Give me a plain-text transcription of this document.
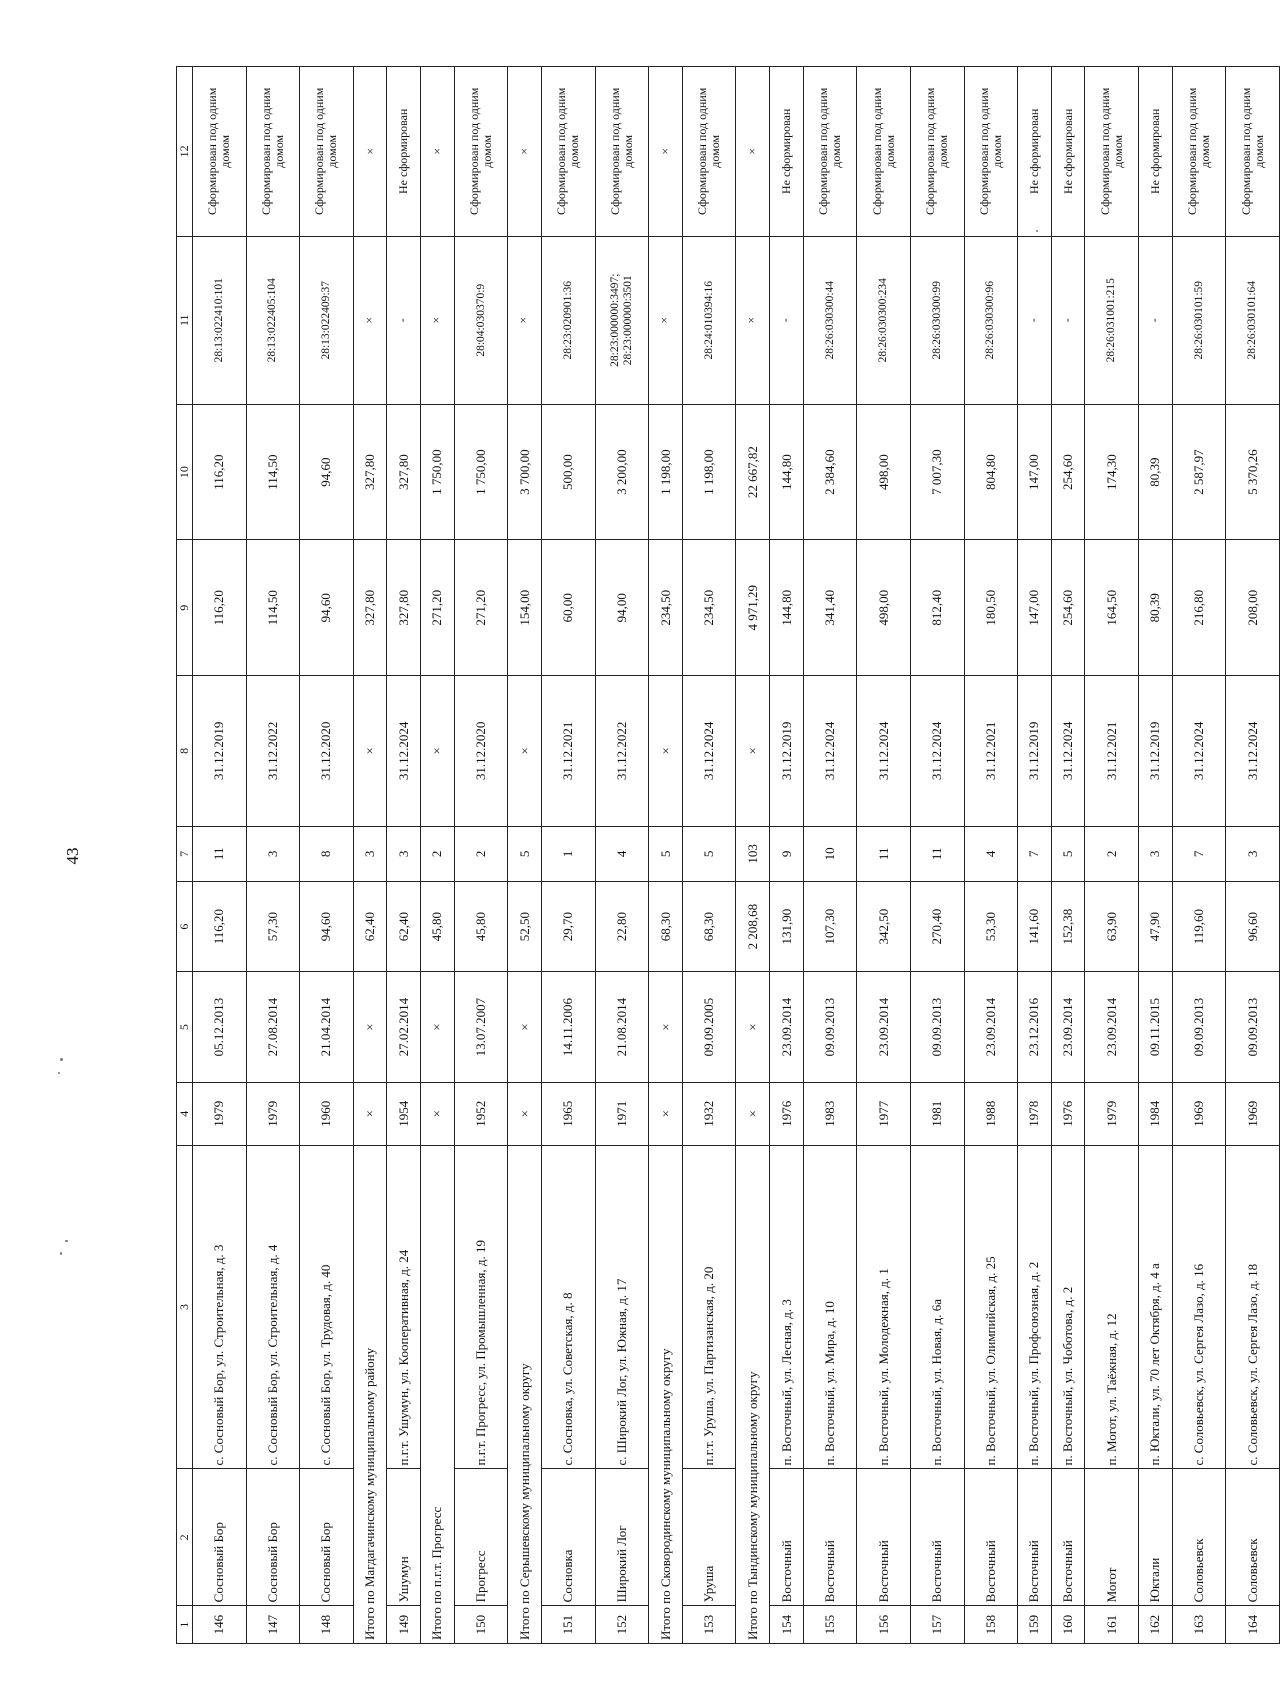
43
1	2	3	4	5	6	7	8	9	10	11	12
146	Сосновый Бор	с. Сосновый Бор, ул. Строительная, д. 3	1979	05.12.2013	116,20	11	31.12.2019	116,20	116,20	28:13:022410:101	Сформирован под одним домом
147	Сосновый Бор	с. Сосновый Бор, ул. Строительная, д. 4	1979	27.08.2014	57,30	3	31.12.2022	114,50	114,50	28:13:022405:104	Сформирован под одним домом
148	Сосновый Бор	с. Сосновый Бор, ул. Трудовая, д. 40	1960	21.04.2014	94,60	8	31.12.2020	94,60	94,60	28:13:022409:37	Сформирован под одним домом
Итого по Магдагачинскому муниципальному району			×	×	62,40	3	×	327,80	327,80	×	×
149	Ушумун	п.г.т. Ушумун, ул. Кооперативная, д. 24	1954	27.02.2014	62,40	3	31.12.2024	327,80	327,80	-	Не сформирован
Итого по п.г.т. Прогресс			×	×	45,80	2	×	271,20	1 750,00	×	×
150	Прогресс	п.г.т. Прогресс, ул. Промышленная, д. 19	1952	13.07.2007	45,80	2	31.12.2020	271,20	1 750,00	28:04:030370:9	Сформирован под одним домом
Итого по Серышевскому муниципальному округу			×	×	52,50	5	×	154,00	3 700,00	×	×
151	Сосновка	с. Сосновка, ул. Советская, д. 8	1965	14.11.2006	29,70	1	31.12.2021	60,00	500,00	28:23:020901:36	Сформирован под одним домом
152	Широкий Лог	с. Широкий Лог, ул. Южная, д. 17	1971	21.08.2014	22,80	4	31.12.2022	94,00	3 200,00	28:23:000000:3497; 28:23:000000:3501	Сформирован под одним домом
Итого по Сковородинскому муниципальному округу			×	×	68,30	5	×	234,50	1 198,00	×	×
153	Уруша	п.г.т. Уруша, ул. Партизанская, д. 20	1932	09.09.2005	68,30	5	31.12.2024	234,50	1 198,00	28:24:010394:16	Сформирован под одним домом
Итого по Тындинскому муниципальному округу			×	×	2 208,68	103	×	4 971,29	22 667,82	×	×
154	Восточный	п. Восточный, ул. Лесная, д. 3	1976	23.09.2014	131,90	9	31.12.2019	144,80	144,80	-	Не сформирован
155	Восточный	п. Восточный, ул. Мира, д. 10	1983	09.09.2013	107,30	10	31.12.2024	341,40	2 384,60	28:26:030300:44	Сформирован под одним домом
156	Восточный	п. Восточный, ул. Молодежная, д. 1	1977	23.09.2014	342,50	11	31.12.2024	498,00	498,00	28:26:030300:234	Сформирован под одним домом
157	Восточный	п. Восточный, ул. Новая, д. 6а	1981	09.09.2013	270,40	11	31.12.2024	812,40	7 007,30	28:26:030300:99	Сформирован под одним домом
158	Восточный	п. Восточный, ул. Олимпийская, д. 25	1988	23.09.2014	53,30	4	31.12.2021	180,50	804,80	28:26:030300:96	Сформирован под одним домом
159	Восточный	п. Восточный, ул. Профсоюзная, д. 2	1978	23.12.2016	141,60	7	31.12.2019	147,00	147,00	-	Не сформирован
160	Восточный	п. Восточный, ул. Чоботова, д. 2	1976	23.09.2014	152,38	5	31.12.2024	254,60	254,60	-	Не сформирован
161	Могот	п. Могот, ул. Таёжная, д. 12	1979	23.09.2014	63,90	2	31.12.2021	164,50	174,30	28:26:031001:215	Сформирован под одним домом
162	Юктали	п. Юктали, ул. 70 лет Октября, д. 4 а	1984	09.11.2015	47,90	3	31.12.2019	80,39	80,39	-	Не сформирован
163	Соловьевск	с. Соловьевск, ул. Сергея Лазо, д. 16	1969	09.09.2013	119,60	7	31.12.2024	216,80	2 587,97	28:26:030101:59	Сформирован под одним домом
164	Соловьевск	с. Соловьевск, ул. Сергея Лазо, д. 18	1969	09.09.2013	96,60	3	31.12.2024	208,00	5 370,26	28:26:030101:64	Сформирован под одним домом
